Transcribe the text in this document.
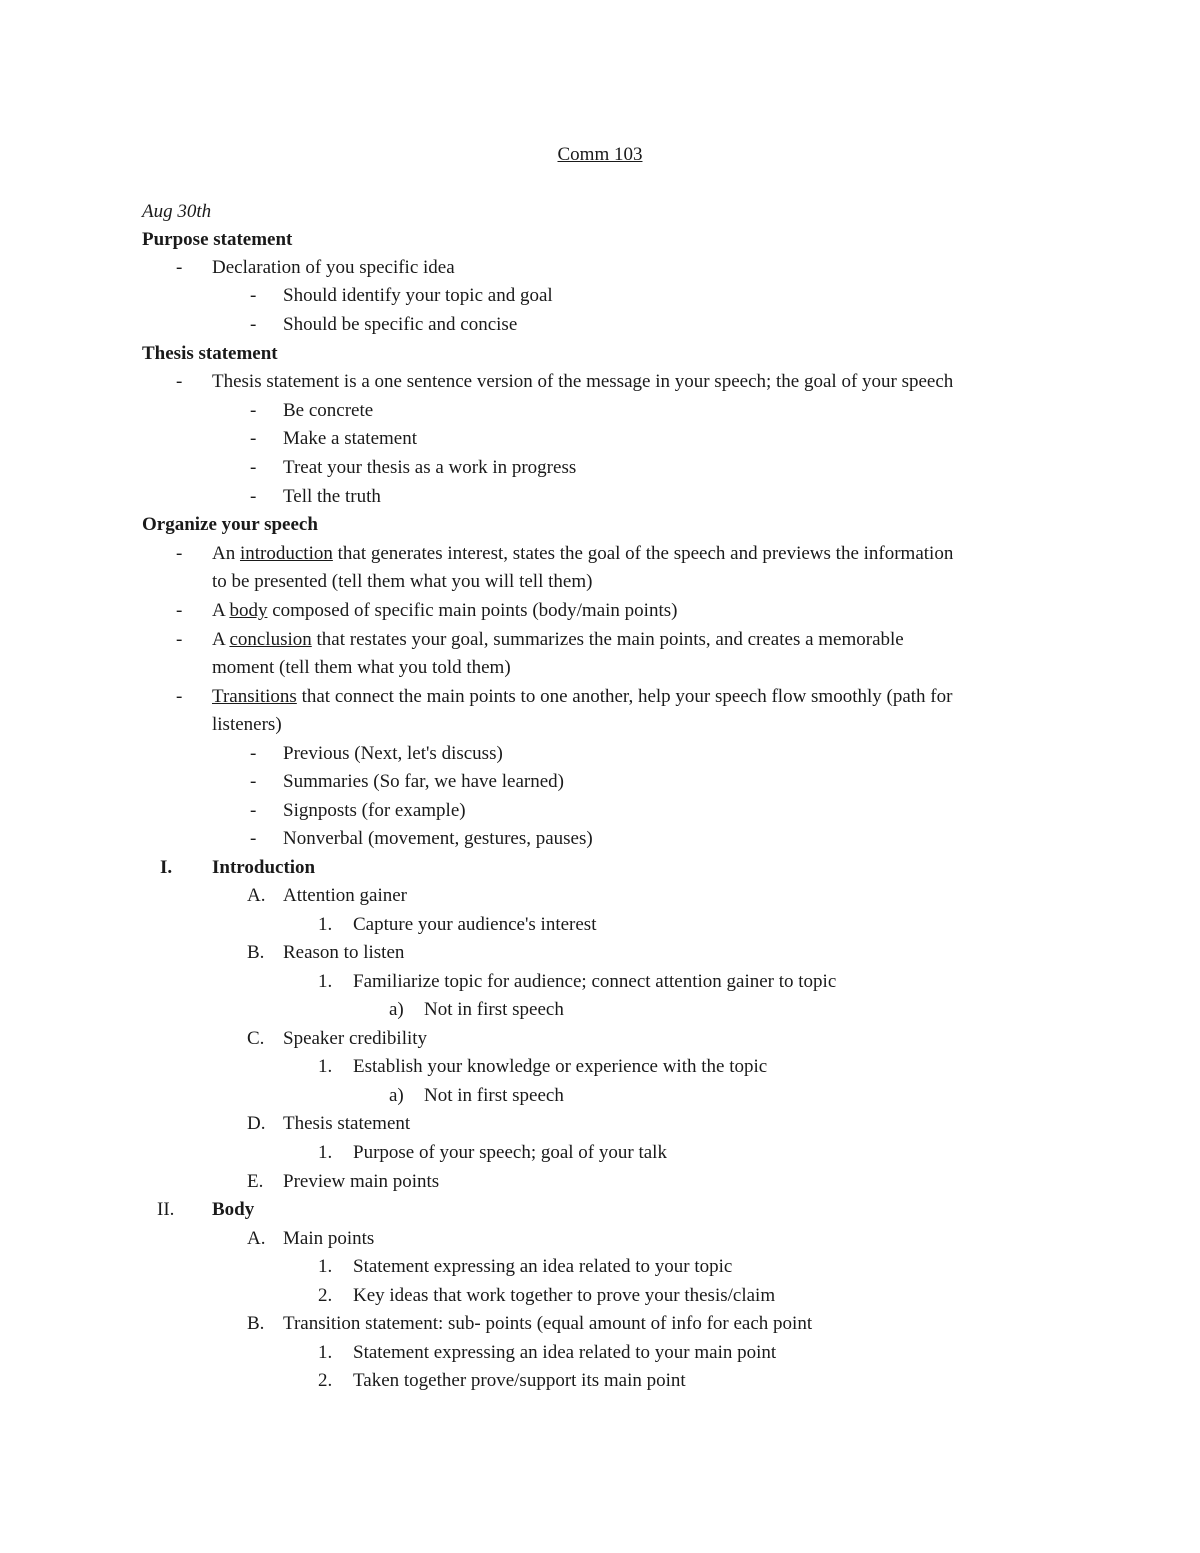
Comm 103
Aug 30th
Purpose statement
- Declaration of you specific idea
- Should identify your topic and goal
- Should be specific and concise
Thesis statement
- Thesis statement is a one sentence version of the message in your speech; the goal of your speech
- Be concrete
- Make a statement
- Treat your thesis as a work in progress
- Tell the truth
Organize your speech
- An introduction that generates interest, states the goal of the speech and previews the information
to be presented (tell them what you will tell them)
- A body composed of specific main points (body/main points)
- A conclusion that restates your goal, summarizes the main points, and creates a memorable
moment (tell them what you told them)
- Transitions that connect the main points to one another, help your speech flow smoothly (path for
listeners)
- Previous (Next, let's discuss)
- Summaries (So far, we have learned)
- Signposts (for example)
- Nonverbal (movement, gestures, pauses)
I. Introduction
A. Attention gainer
1. Capture your audience's interest
B. Reason to listen
1. Familiarize topic for audience; connect attention gainer to topic
a) Not in first speech
C. Speaker credibility
1. Establish your knowledge or experience with the topic
a) Not in first speech
D. Thesis statement
1. Purpose of your speech; goal of your talk
E. Preview main points
II. Body
A. Main points
1. Statement expressing an idea related to your topic
2. Key ideas that work together to prove your thesis/claim
B. Transition statement: sub- points (equal amount of info for each point
1. Statement expressing an idea related to your main point
2. Taken together prove/support its main point
